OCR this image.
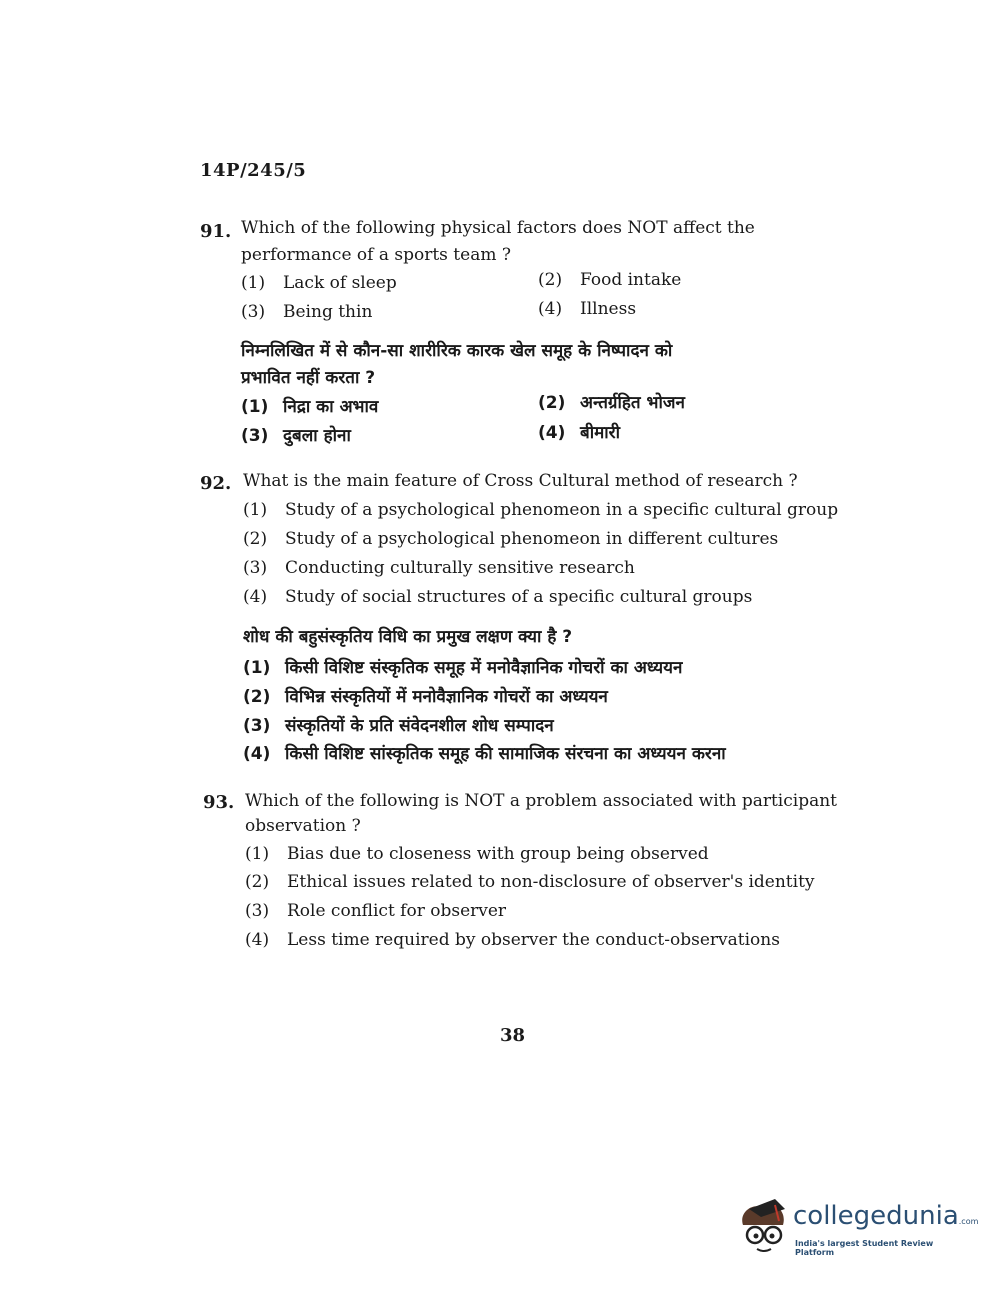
14P/245/5
91. Which of the following physical factors does NOT affect the
performance of a sports team ?
(1) Lack of sleep	(2) Food intake
(3) Being thin	(4) Illness
निम्नलिखित में से कौन-सा शारीरिक कारक खेल समूह के निष्पादन को
प्रभावित नहीं करता ?
(1) निद्रा का अभाव	(2) अन्तर्ग्रहित भोजन
(3) दुबला होना	(4) बीमारी
92. What is the main feature of Cross Cultural method of research ?
(1) Study of a psychological phenomeon in a specific cultural group
(2) Study of a psychological phenomeon in different cultures
(3) Conducting culturally sensitive research
(4) Study of social structures of a specific cultural groups
शोध की बहुसंस्कृतिय विधि का प्रमुख लक्षण क्या है ?
(1) किसी विशिष्ट संस्कृतिक समूह में मनोवैज्ञानिक गोचरों का अध्ययन
(2) विभिन्न संस्कृतियों में मनोवैज्ञानिक गोचरों का अध्ययन
(3) संस्कृतियों के प्रति संवेदनशील शोध सम्पादन
(4) किसी विशिष्ट सांस्कृतिक समूह की सामाजिक संरचना का अध्ययन करना
93. Which of the following is NOT a problem associated with participant
observation ?
(1) Bias due to closeness with group being observed
(2) Ethical issues related to non-disclosure of observer's identity
(3) Role conflict for observer
(4) Less time required by observer the conduct-observations
38
collegedunia.com
India's largest Student Review Platform
